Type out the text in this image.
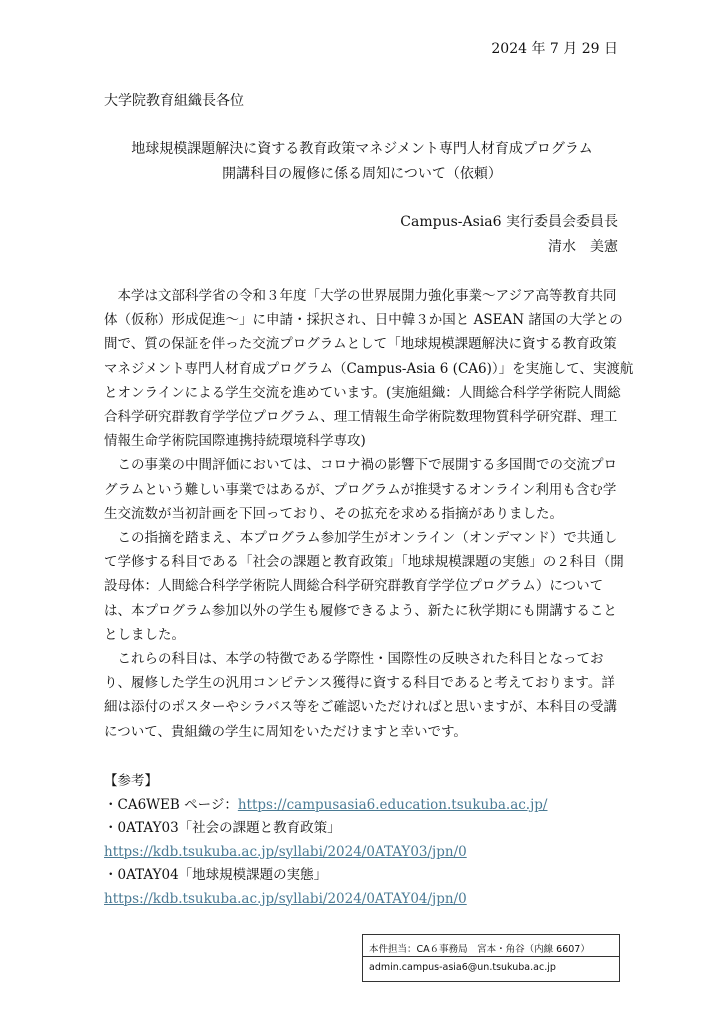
2024 年 7 月 29 日
大学院教育組織長各位
地球規模課題解決に資する教育政策マネジメント専門人材育成プログラム
開講科目の履修に係る周知について（依頼）
Campus-Asia6 実行委員会委員長
清水　美憲
　本学は文部科学省の令和３年度「大学の世界展開力強化事業～アジア高等教育共同
体（仮称）形成促進～」に申請・採択され、日中韓３か国と ASEAN 諸国の大学との
間で、質の保証を伴った交流プログラムとして「地球規模課題解決に資する教育政策
マネジメント専門人材育成プログラム（Campus-Asia 6 (CA6)）」を実施して、実渡航
とオンラインによる学生交流を進めています。(実施組織：人間総合科学学術院人間総
合科学研究群教育学学位プログラム、理工情報生命学術院数理物質科学研究群、理工
情報生命学術院国際連携持続環境科学専攻)
　この事業の中間評価においては、コロナ禍の影響下で展開する多国間での交流プロ
グラムという難しい事業ではあるが、プログラムが推奨するオンライン利用も含む学
生交流数が当初計画を下回っており、その拡充を求める指摘がありました。
　この指摘を踏まえ、本プログラム参加学生がオンライン（オンデマンド）で共通し
て学修する科目である「社会の課題と教育政策」「地球規模課題の実態」の２科目（開
設母体：人間総合科学学術院人間総合科学研究群教育学学位プログラム）について
は、本プログラム参加以外の学生も履修できるよう、新たに秋学期にも開講すること
としました。
　これらの科目は、本学の特徴である学際性・国際性の反映された科目となってお
り、履修した学生の汎用コンピテンス獲得に資する科目であると考えております。詳
細は添付のポスターやシラバス等をご確認いただければと思いますが、本科目の受講
について、貴組織の学生に周知をいただけますと幸いです。
【参考】
・CA6WEB ページ：https://campusasia6.education.tsukuba.ac.jp/
・0ATAY03「社会の課題と教育政策」
https://kdb.tsukuba.ac.jp/syllabi/2024/0ATAY03/jpn/0
・0ATAY04「地球規模課題の実態」
https://kdb.tsukuba.ac.jp/syllabi/2024/0ATAY04/jpn/0
本件担当：CA６事務局　宮本・角谷（内線 6607）
admin.campus-asia6@un.tsukuba.ac.jp
